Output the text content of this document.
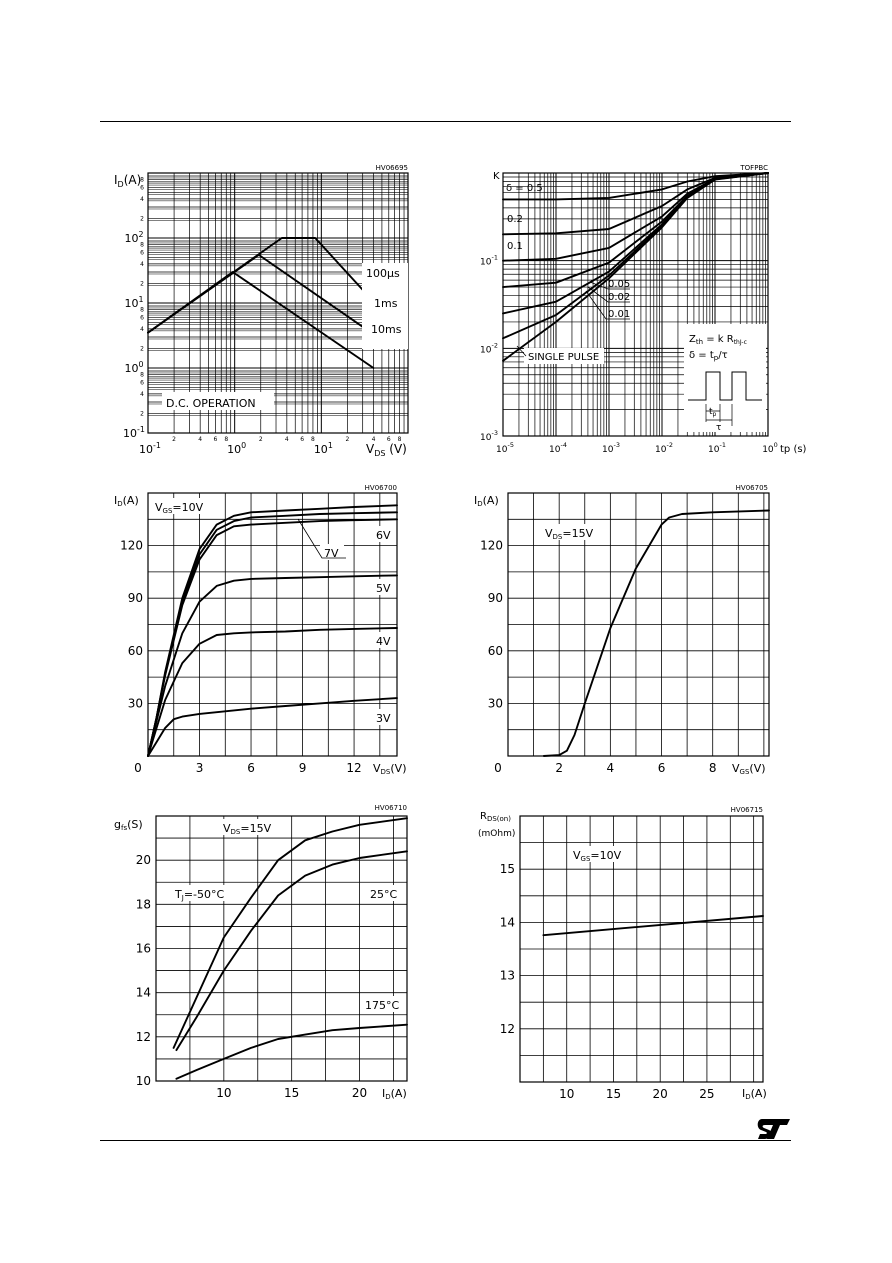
HV06695
100μs
1ms
10ms
D.C. OPERATION
$I_D(A)$
$V_{DS}$ (V)
$10^{-1}$	$10^0$	$10^1$
$10^{-1}$
$10^0$
$10^1$
$10^2$
2	4 6 8	2	4 6 8	2	4 6 8
2
4
6
8
2
4
6
8
2
4
6
8
2
4
6
8
TOFPBC
δ = 0.5
0.2
0.1
0.05
0.02
0.01
SINGLE PULSE
$Z_{th} = k$ $R_{thJ-c}$
$\delta = t_p/\tau$
$t_p$
τ
$10^{-5}$	$10^{-4}$	$10^{-3}$	$10^{-2}$	$10^{-1}$	$10^0$ tp (s)
$10^{-3}$
$10^{-2}$
$10^{-1}$
K
HV06700
VGS=10V
7V
6V
5V
4V
3V
ID(A)
VDS(V)
0	3	6	9	12
30
60
90
120
HV06705
VDS=15V
ID(A)
VGS(V)
0	2	4	6	8
30
60
90
120
HV06710
VDS=15V
TJ=-50°C	25°C
175°C
gfs(S)
ID(A)
10	15	20
10
12
14
16
18
20
HV06715
VGS=10V
$R_{DS(on)}$
(mOhm)
ID(A)
10	15	20	25
12
13
14
15
